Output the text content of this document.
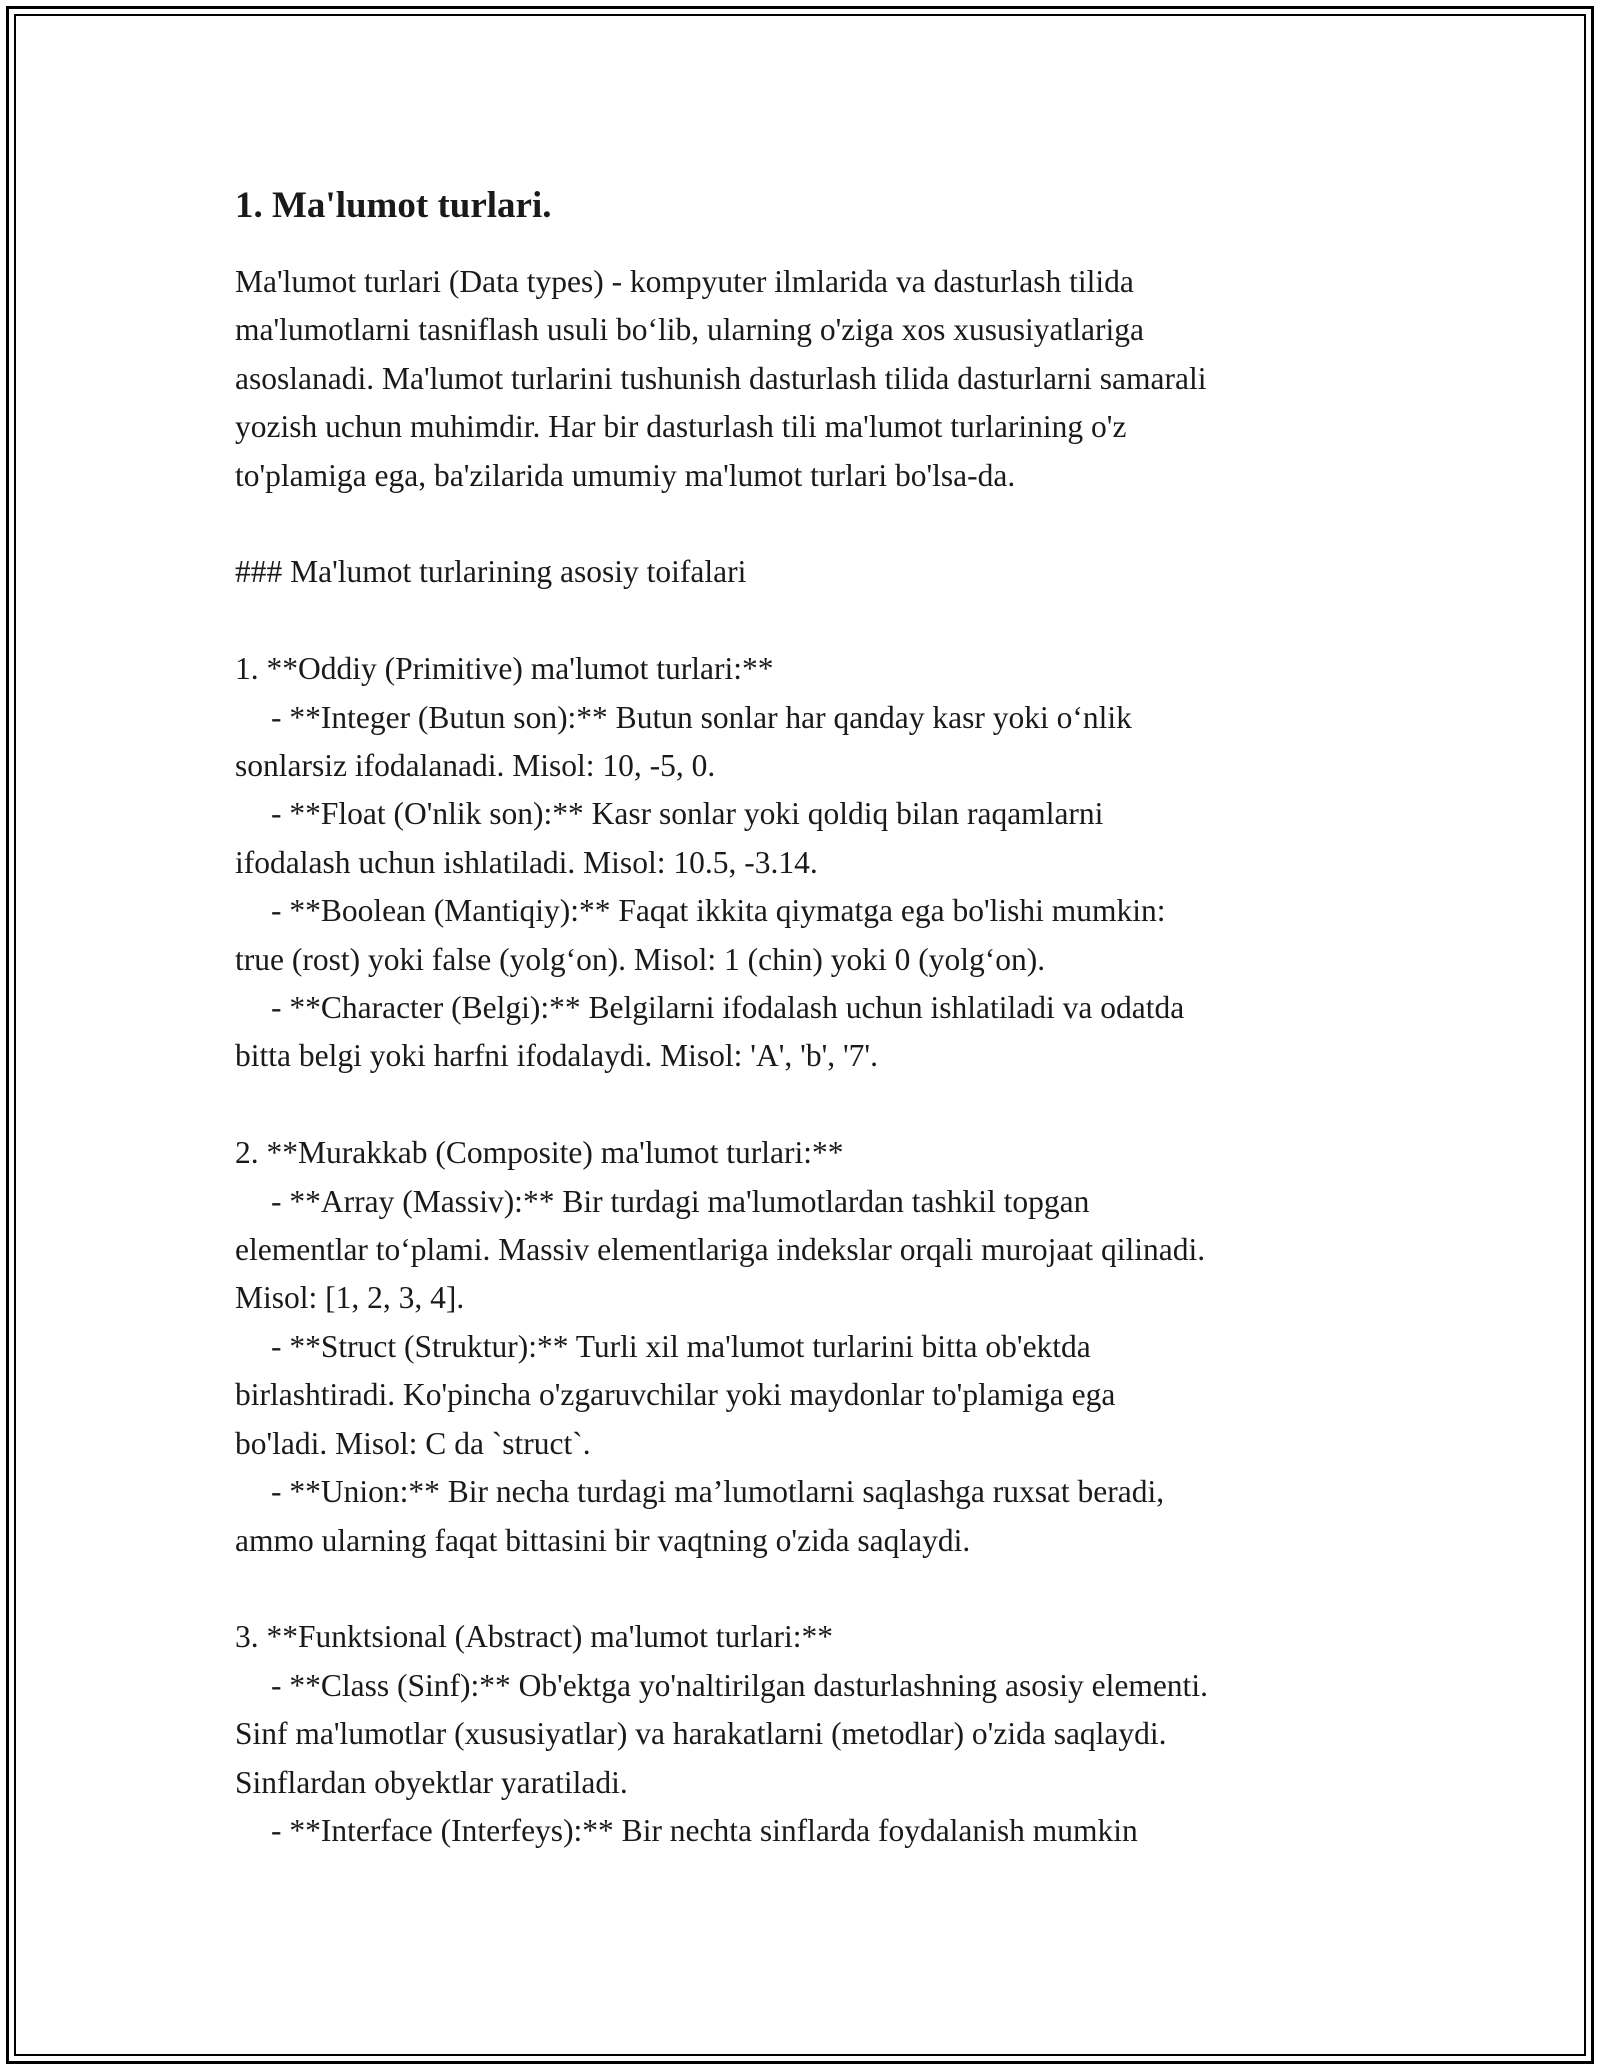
1. Ma'lumot turlari.
Ma'lumot turlari (Data types) - kompyuter ilmlarida va dasturlash tilida
ma'lumotlarni tasniflash usuli bo‘lib, ularning o'ziga xos xususiyatlariga
asoslanadi. Ma'lumot turlarini tushunish dasturlash tilida dasturlarni samarali
yozish uchun muhimdir. Har bir dasturlash tili ma'lumot turlarining o'z
to'plamiga ega, ba'zilarida umumiy ma'lumot turlari bo'lsa-da.
### Ma'lumot turlarining asosiy toifalari
1. **Oddiy (Primitive) ma'lumot turlari:**
- **Integer (Butun son):** Butun sonlar har qanday kasr yoki o‘nlik
sonlarsiz ifodalanadi. Misol: 10, -5, 0.
- **Float (O'nlik son):** Kasr sonlar yoki qoldiq bilan raqamlarni
ifodalash uchun ishlatiladi. Misol: 10.5, -3.14.
- **Boolean (Mantiqiy):** Faqat ikkita qiymatga ega bo'lishi mumkin:
true (rost) yoki false (yolg‘on). Misol: 1 (chin) yoki 0 (yolg‘on).
- **Character (Belgi):** Belgilarni ifodalash uchun ishlatiladi va odatda
bitta belgi yoki harfni ifodalaydi. Misol: 'A', 'b', '7'.
2. **Murakkab (Composite) ma'lumot turlari:**
- **Array (Massiv):** Bir turdagi ma'lumotlardan tashkil topgan
elementlar to‘plami. Massiv elementlariga indekslar orqali murojaat qilinadi.
Misol: [1, 2, 3, 4].
- **Struct (Struktur):** Turli xil ma'lumot turlarini bitta ob'ektda
birlashtiradi. Ko'pincha o'zgaruvchilar yoki maydonlar to'plamiga ega
bo'ladi. Misol: C da `struct`.
- **Union:** Bir necha turdagi ma’lumotlarni saqlashga ruxsat beradi,
ammo ularning faqat bittasini bir vaqtning o'zida saqlaydi.
3. **Funktsional (Abstract) ma'lumot turlari:**
- **Class (Sinf):** Ob'ektga yo'naltirilgan dasturlashning asosiy elementi.
Sinf ma'lumotlar (xususiyatlar) va harakatlarni (metodlar) o'zida saqlaydi.
Sinflardan obyektlar yaratiladi.
- **Interface (Interfeys):** Bir nechta sinflarda foydalanish mumkin
